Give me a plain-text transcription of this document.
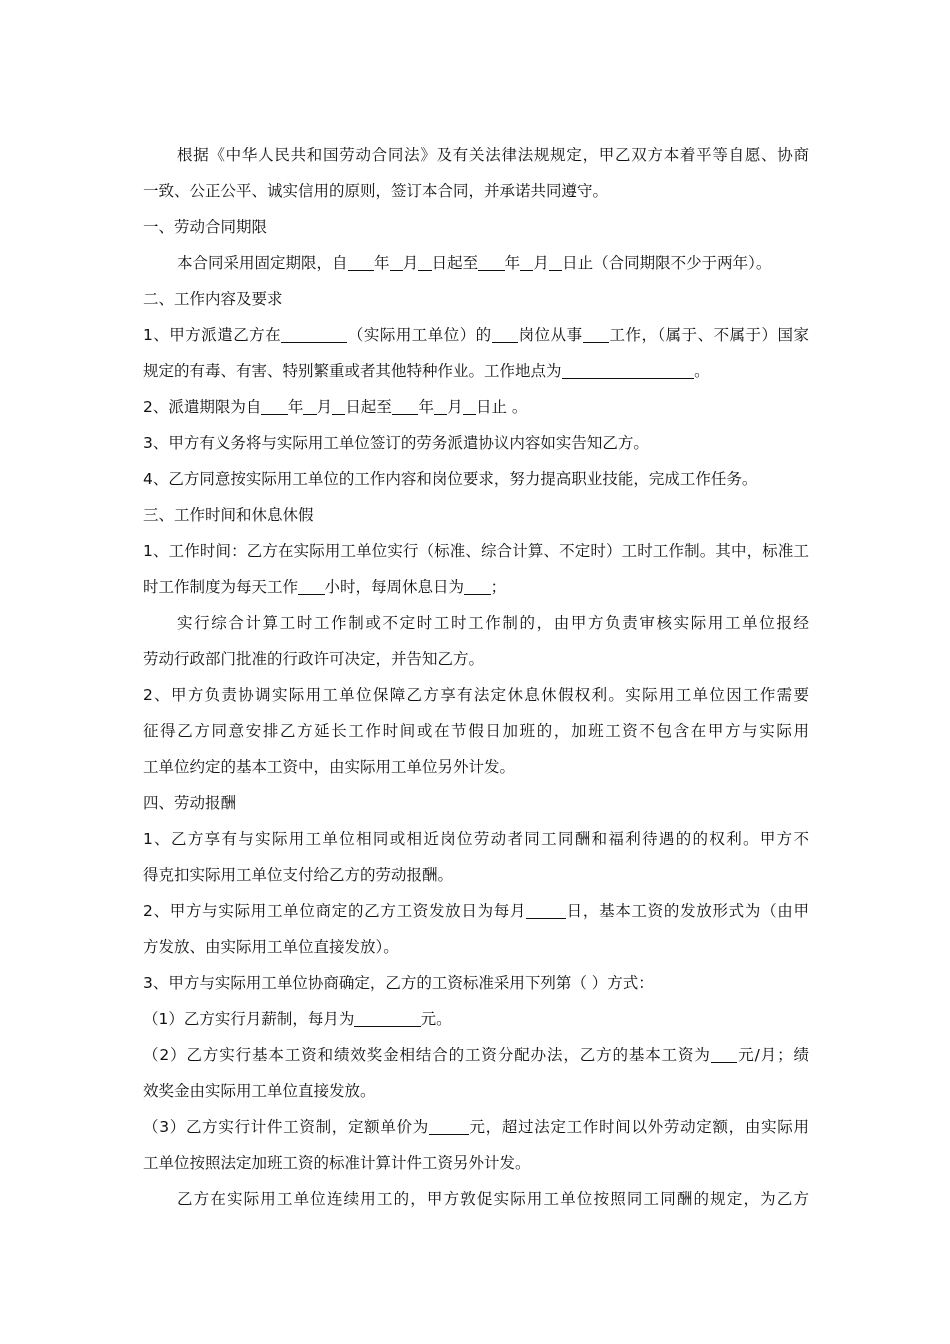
根据《中华人民共和国劳动合同法》及有关法律法规规定，甲乙双方本着平等自愿、协商
一致、公正公平、诚实信用的原则，签订本合同，并承诺共同遵守。
一、劳动合同期限
本合同采用固定期限，自 年 月 日起至 年 月 日止（合同期限不少于两年）。
二、工作内容及要求
1、甲方派遣乙方在	（实际用工单位）的 岗位从事 工作，（属于、不属于）国家
规定的有毒、有害、特别繁重或者其他特种作业。工作地点为	。
2、派遣期限为自 年 月 日起至 年 月 日止 。
3、甲方有义务将与实际用工单位签订的劳务派遣协议内容如实告知乙方。
4、乙方同意按实际用工单位的工作内容和岗位要求，努力提高职业技能，完成工作任务。
三、工作时间和休息休假
1、工作时间：乙方在实际用工单位实行（标准、综合计算、不定时）工时工作制。其中，标准工
时工作制度为每天工作 小时，每周休息日为 ；
实行综合计算工时工作制或不定时工时工作制的，由甲方负责审核实际用工单位报经
劳动行政部门批准的行政许可决定，并告知乙方。
2、甲方负责协调实际用工单位保障乙方享有法定休息休假权利。实际用工单位因工作需要
征得乙方同意安排乙方延长工作时间或在节假日加班的，加班工资不包含在甲方与实际用
工单位约定的基本工资中，由实际用工单位另外计发。
四、劳动报酬
1、乙方享有与实际用工单位相同或相近岗位劳动者同工同酬和福利待遇的的权利。甲方不
得克扣实际用工单位支付给乙方的劳动报酬。
2、甲方与实际用工单位商定的乙方工资发放日为每月	日，基本工资的发放形式为（由甲
方发放、由实际用工单位直接发放）。
3、甲方与实际用工单位协商确定，乙方的工资标准采用下列第（ ）方式：
（1）乙方实行月薪制，每月为	元。
（2）乙方实行基本工资和绩效奖金相结合的工资分配办法，乙方的基本工资为 元/月；绩
效奖金由实际用工单位直接发放。
（3）乙方实行计件工资制，定额单价为	元，超过法定工作时间以外劳动定额，由实际用
工单位按照法定加班工资的标准计算计件工资另外计发。
乙方在实际用工单位连续用工的，甲方敦促实际用工单位按照同工同酬的规定，为乙方
